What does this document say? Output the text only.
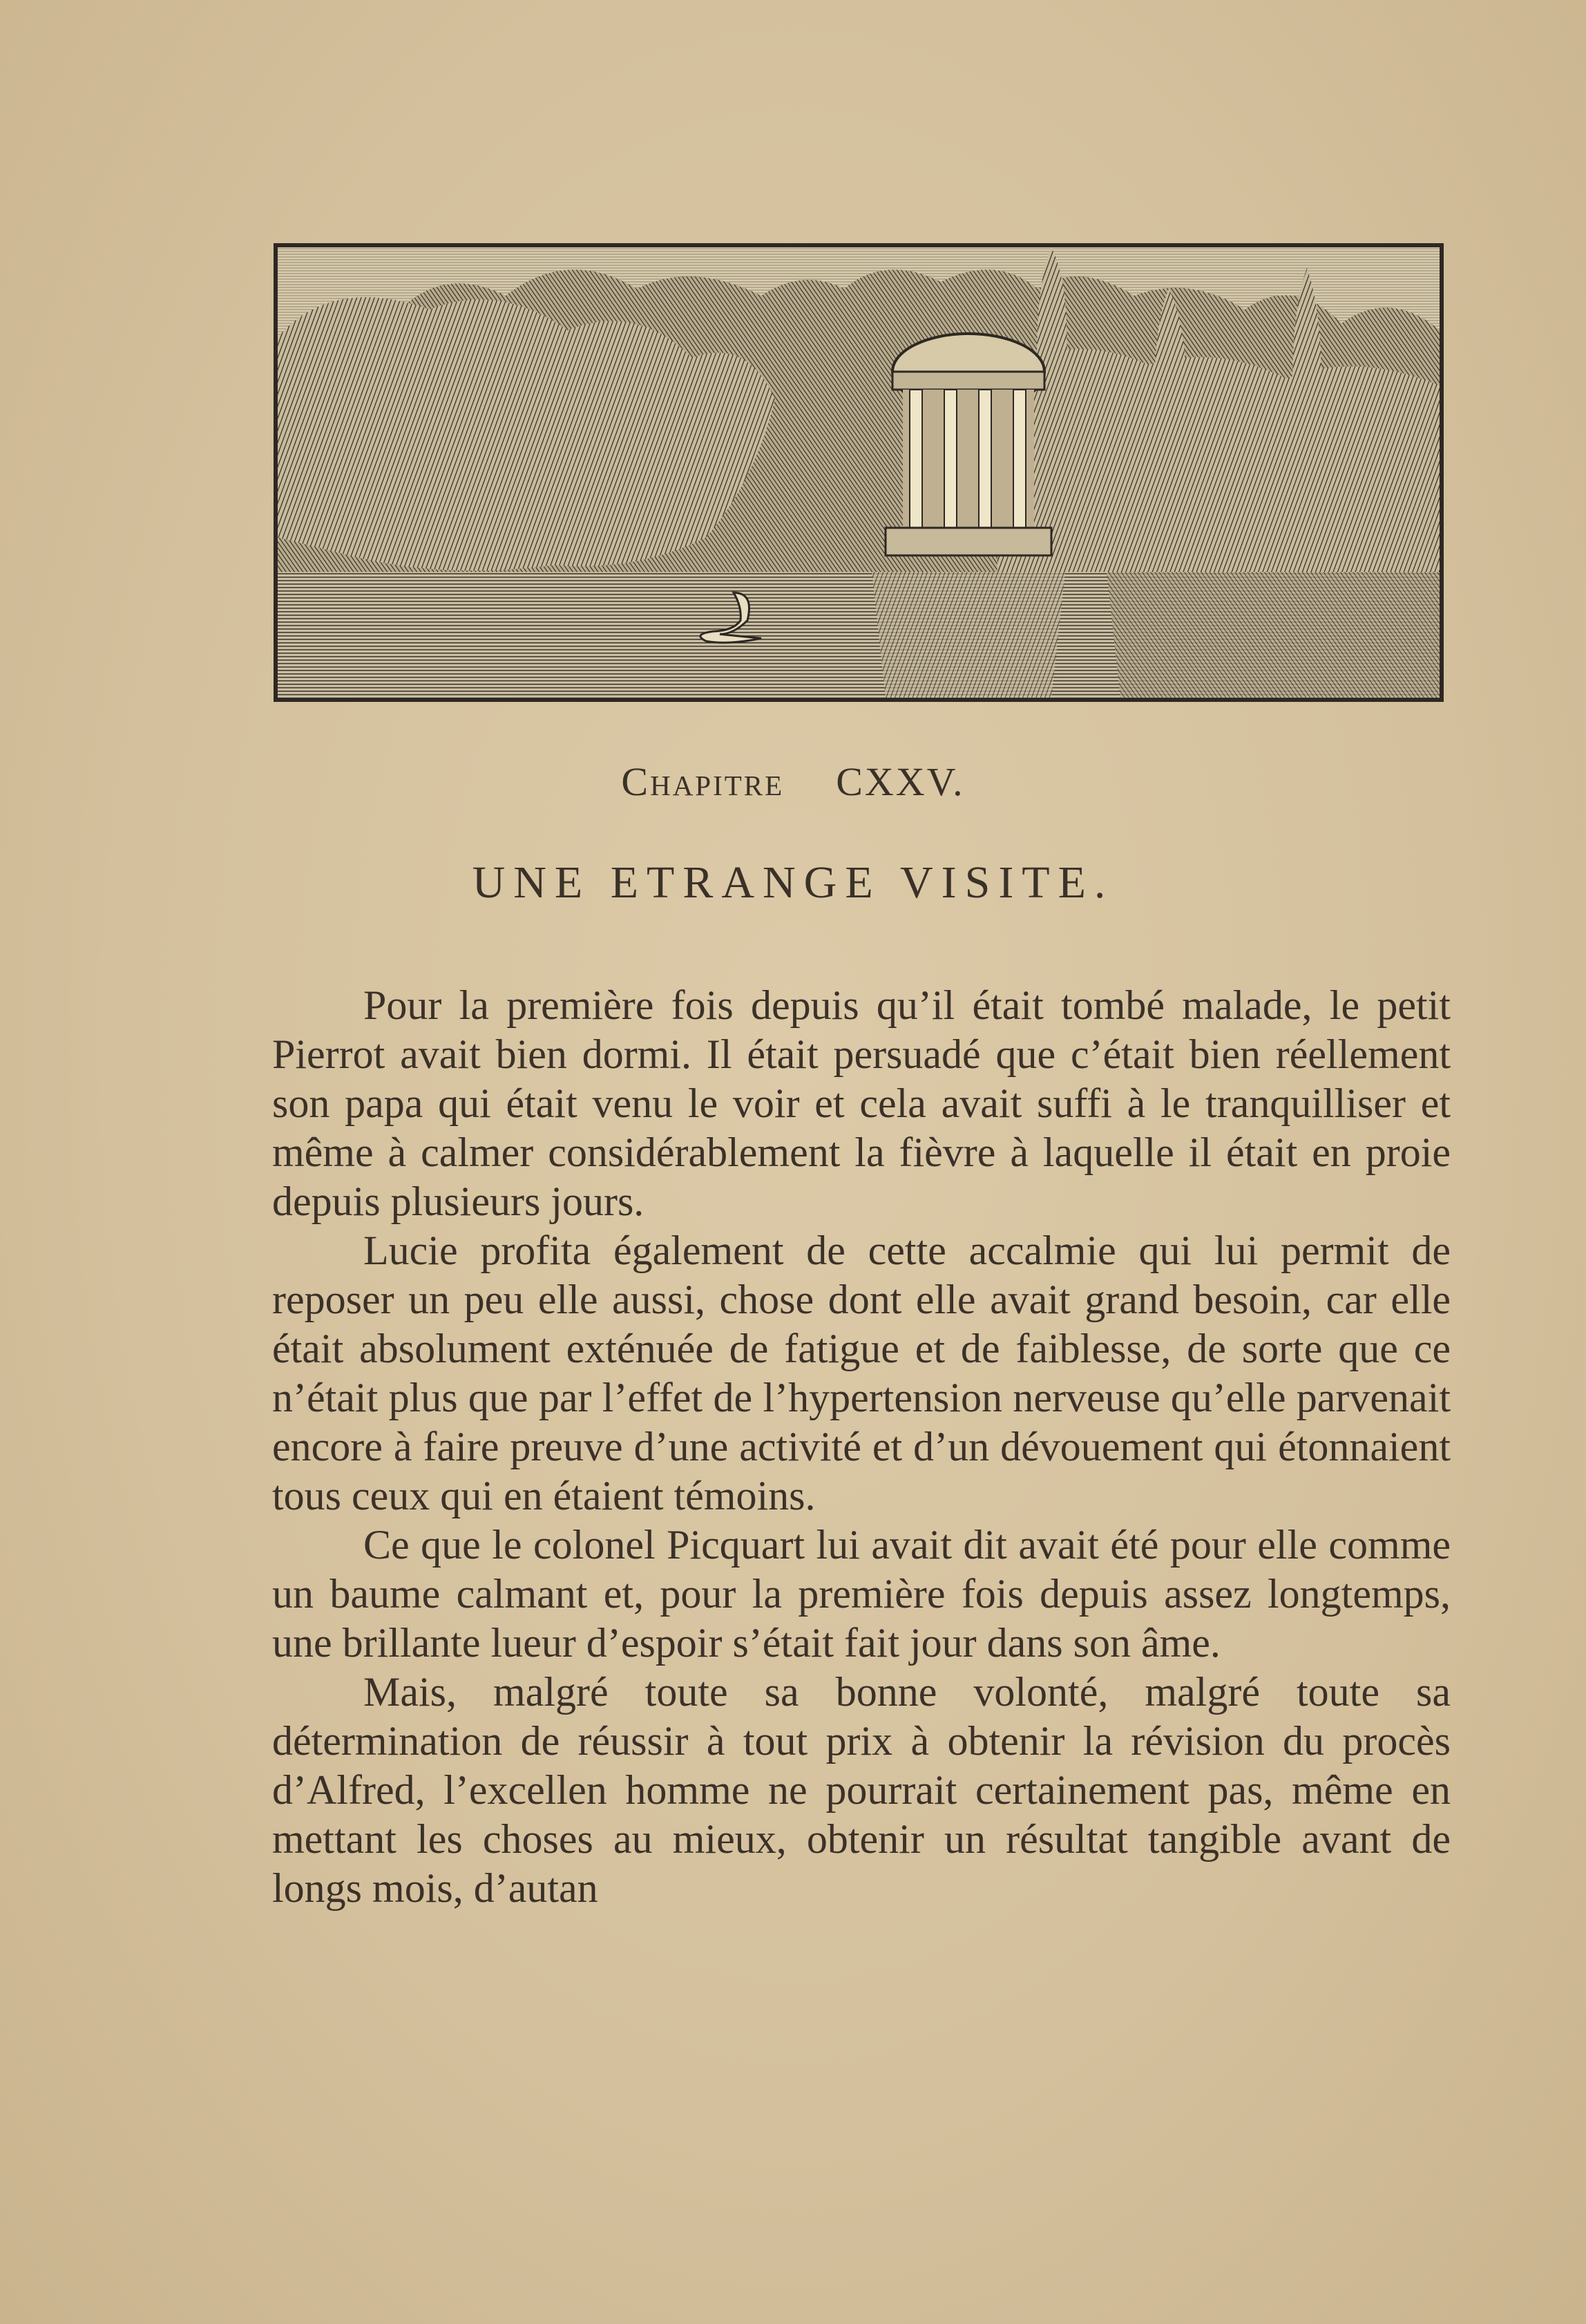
Chapitre CXXV.
UNE ETRANGE VISITE.

Pour la première fois depuis qu’il était tombé malade, le petit Pierrot avait bien dormi. Il était persuadé que c’était bien réellement son papa qui était venu le voir et cela avait suffi à le tranquilliser et même à calmer considérablement la fièvre à laquelle il était en proie depuis plusieurs jours.

Lucie profita également de cette accalmie qui lui permit de reposer un peu elle aussi, chose dont elle avait grand besoin, car elle était absolument exténuée de fatigue et de faiblesse, de sorte que ce n’était plus que par l’effet de l’hypertension nerveuse qu’elle parvenait encore à faire preuve d’une activité et d’un dévouement qui étonnaient tous ceux qui en étaient témoins.

Ce que le colonel Picquart lui avait dit avait été pour elle comme un baume calmant et, pour la première fois depuis assez longtemps, une brillante lueur d’espoir s’était fait jour dans son âme.

Mais, malgré toute sa bonne volonté, malgré toute sa détermination de réussir à tout prix à obtenir la révision du procès d’Alfred, l’excellen homme ne pourrait certainement pas, même en mettant les choses au mieux, obtenir un résultat tangible avant de longs mois, d’autan
